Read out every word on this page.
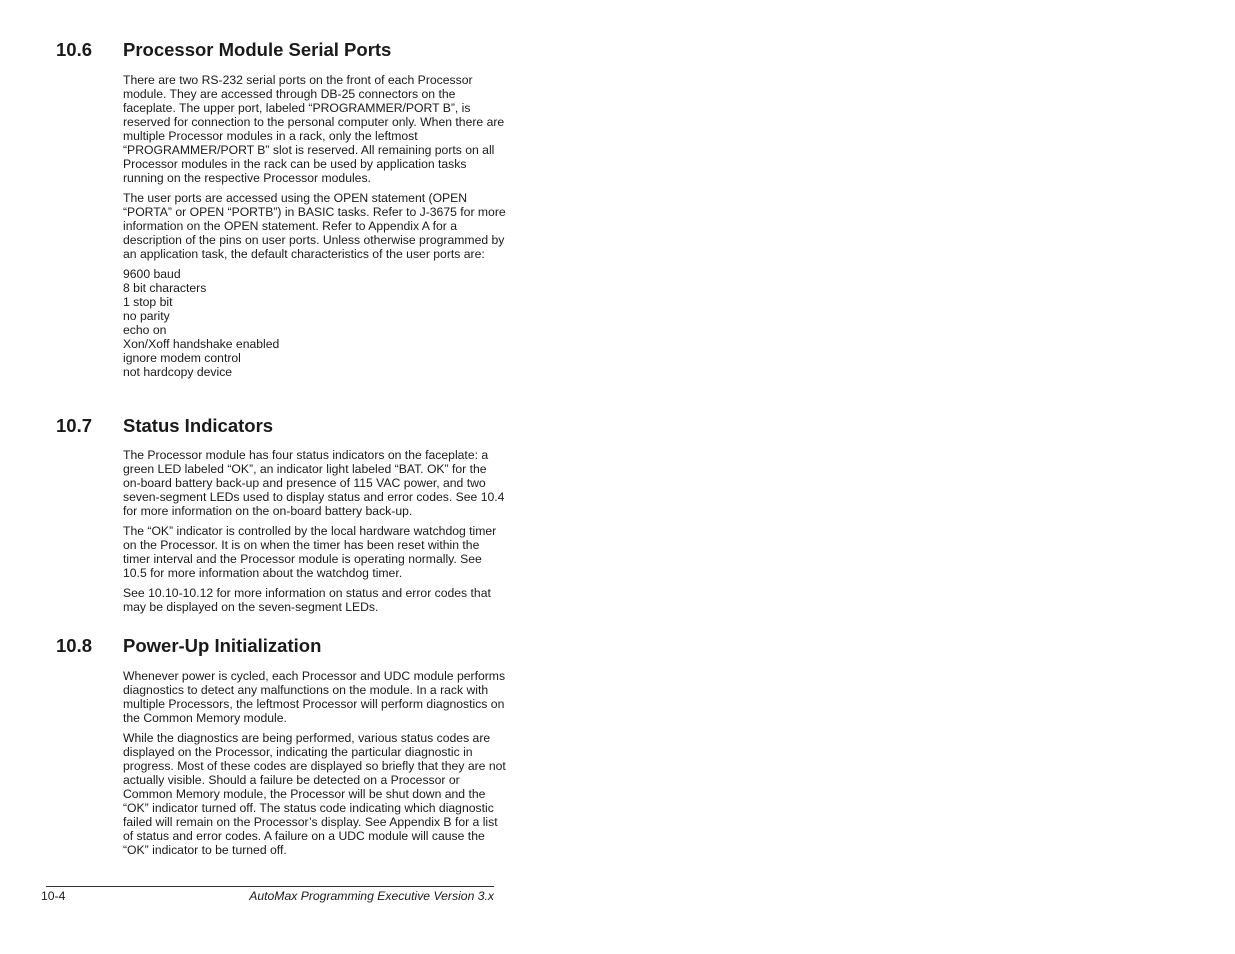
10.6 Processor Module Serial Ports

There are two RS-232 serial ports on the front of each Processor module. They are accessed through DB-25 connectors on the faceplate. The upper port, labeled “PROGRAMMER/PORT B”, is reserved for connection to the personal computer only. When there are multiple Processor modules in a rack, only the leftmost “PROGRAMMER/PORT B” slot is reserved. All remaining ports on all Processor modules in the rack can be used by application tasks running on the respective Processor modules.

The user ports are accessed using the OPEN statement (OPEN “PORTA” or OPEN “PORTB”) in BASIC tasks. Refer to J-3675 for more information on the OPEN statement. Refer to Appendix A for a description of the pins on user ports. Unless otherwise programmed by an application task, the default characteristics of the user ports are:

9600 baud
8 bit characters
1 stop bit
no parity
echo on
Xon/Xoff handshake enabled
ignore modem control
not hardcopy device
10.7 Status Indicators

The Processor module has four status indicators on the faceplate: a green LED labeled “OK”, an indicator light labeled “BAT. OK” for the on-board battery back-up and presence of 115 VAC power, and two seven-segment LEDs used to display status and error codes. See 10.4 for more information on the on-board battery back-up.

The “OK” indicator is controlled by the local hardware watchdog timer on the Processor. It is on when the timer has been reset within the timer interval and the Processor module is operating normally. See 10.5 for more information about the watchdog timer.

See 10.10-10.12 for more information on status and error codes that may be displayed on the seven-segment LEDs.

10.8 Power-Up Initialization

Whenever power is cycled, each Processor and UDC module performs diagnostics to detect any malfunctions on the module. In a rack with multiple Processors, the leftmost Processor will perform diagnostics on the Common Memory module.

While the diagnostics are being performed, various status codes are displayed on the Processor, indicating the particular diagnostic in progress. Most of these codes are displayed so briefly that they are not actually visible. Should a failure be detected on a Processor or Common Memory module, the Processor will be shut down and the “OK” indicator turned off. The status code indicating which diagnostic failed will remain on the Processor’s display. See Appendix B for a list of status and error codes. A failure on a UDC module will cause the “OK” indicator to be turned off.

10-4	AutoMax Programming Executive Version 3.x
